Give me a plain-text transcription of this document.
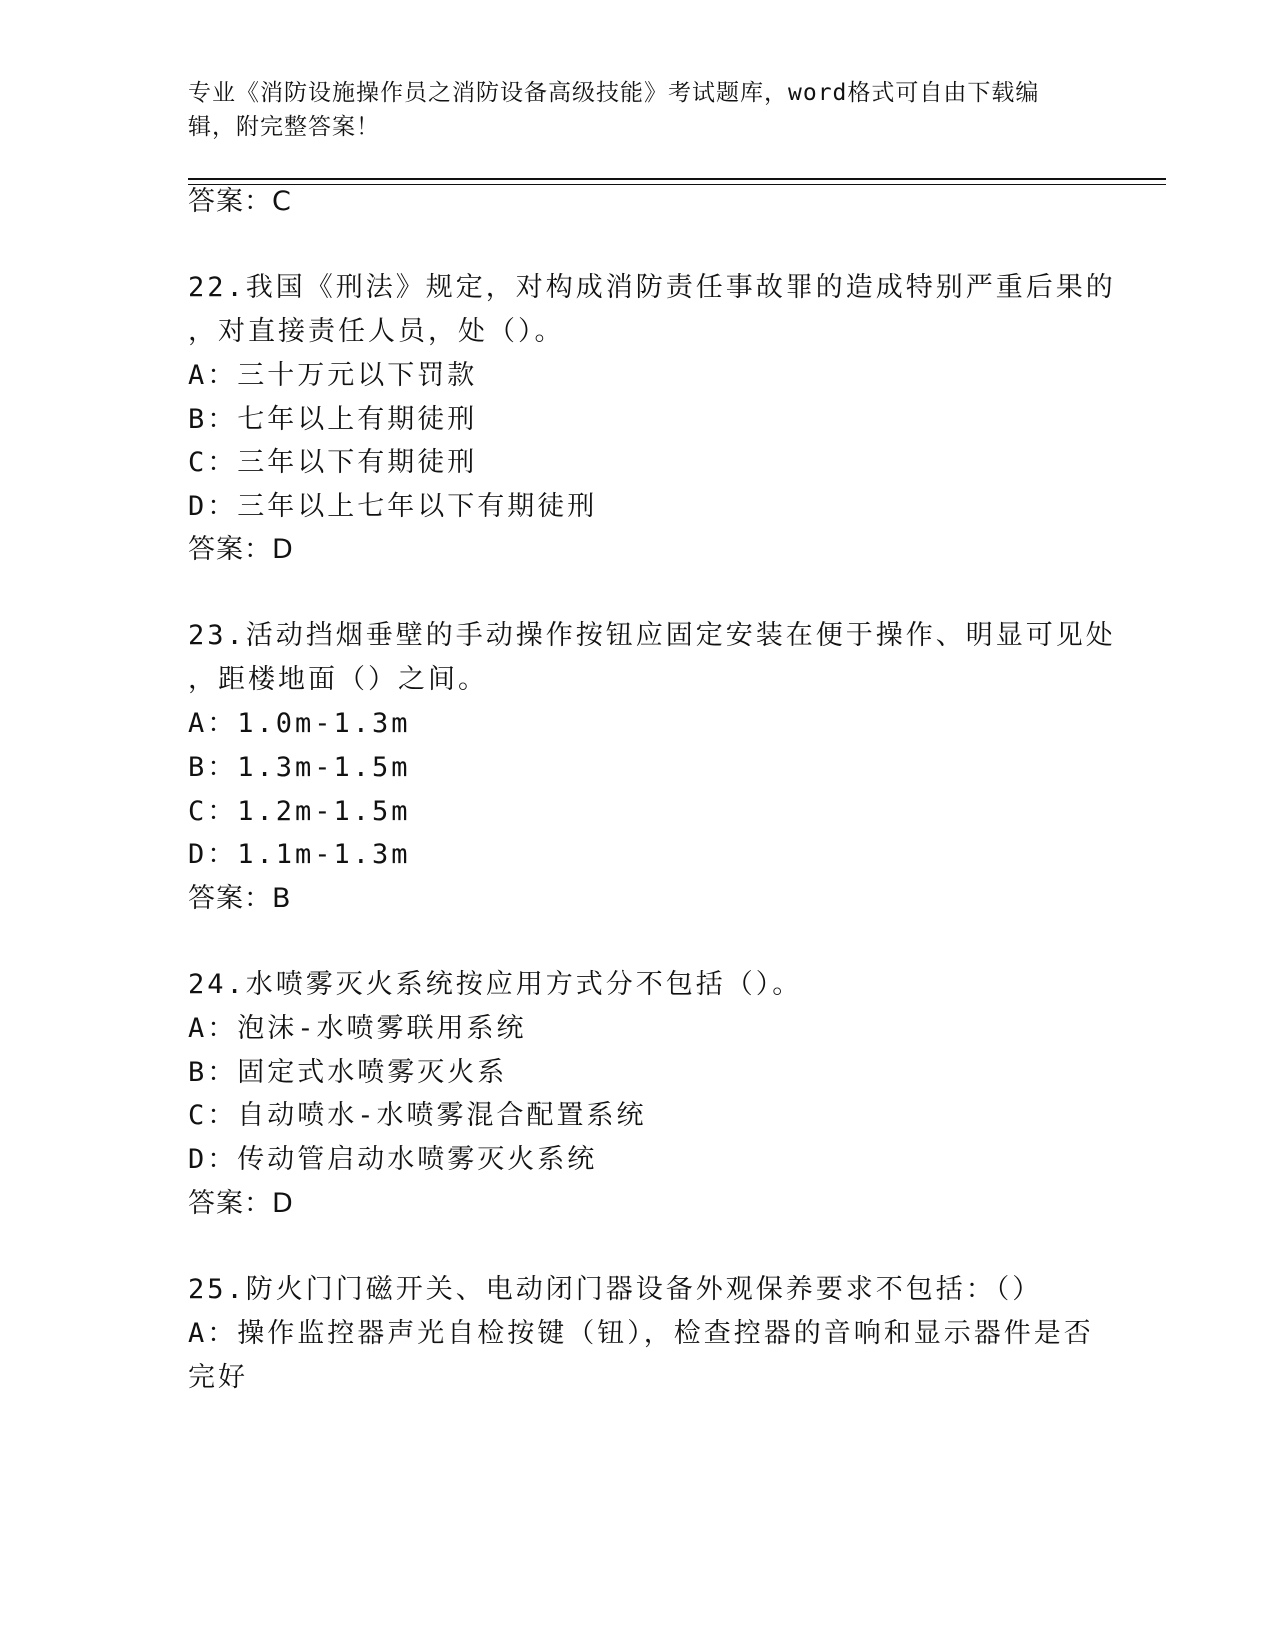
专业《消防设施操作员之消防设备高级技能》考试题库，word格式可自由下载编辑，附完整答案！
答案：C
22.我国《刑法》规定，对构成消防责任事故罪的造成特别严重后果的
，对直接责任人员，处（）。
A：三十万元以下罚款
B：七年以上有期徒刑
C：三年以下有期徒刑
D：三年以上七年以下有期徒刑
答案：D
23.活动挡烟垂壁的手动操作按钮应固定安装在便于操作、明显可见处
，距楼地面（）之间。
A：1.0m-1.3m
B：1.3m-1.5m
C：1.2m-1.5m
D：1.1m-1.3m
答案：B
24.水喷雾灭火系统按应用方式分不包括（）。
A：泡沫-水喷雾联用系统
B：固定式水喷雾灭火系
C：自动喷水-水喷雾混合配置系统
D：传动管启动水喷雾灭火系统
答案：D
25.防火门门磁开关、电动闭门器设备外观保养要求不包括：（）
A：操作监控器声光自检按键（钮），检查控器的音响和显示器件是否
完好
